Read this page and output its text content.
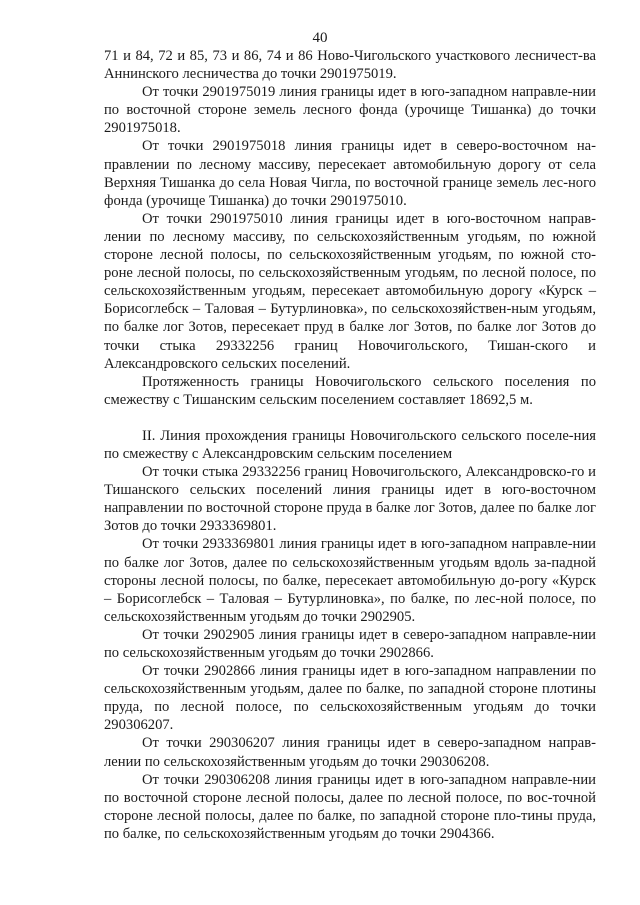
40

71 и 84, 72 и 85, 73 и 86, 74 и 86 Ново-Чигольского участкового лесничест-ва Аннинского лесничества до точки 2901975019.

От точки 2901975019 линия границы идет в юго-западном направле-нии по восточной стороне земель лесного фонда (урочище Тишанка) до точки 2901975018.

От точки 2901975018 линия границы идет в северо-восточном на-правлении по лесному массиву, пересекает автомобильную дорогу от села Верхняя Тишанка до села Новая Чигла, по восточной границе земель лес-ного фонда (урочище Тишанка) до точки 2901975010.

От точки 2901975010 линия границы идет в юго-восточном направ-лении по лесному массиву, по сельскохозяйственным угодьям, по южной стороне лесной полосы, по сельскохозяйственным угодьям, по южной сто-роне лесной полосы, по сельскохозяйственным угодьям, по лесной полосе, по сельскохозяйственным угодьям, пересекает автомобильную дорогу «Курск – Борисоглебск – Таловая – Бутурлиновка», по сельскохозяйствен-ным угодьям, по балке лог Зотов, пересекает пруд в балке лог Зотов, по балке лог Зотов до точки стыка 29332256 границ Новочигольского, Тишан-ского и Александровского сельских поселений.

Протяженность границы Новочигольского сельского поселения по смежеству с Тишанским сельским поселением составляет 18692,5 м.

II. Линия прохождения границы Новочигольского сельского поселе-ния по смежеству с Александровским сельским поселением

От точки стыка 29332256 границ Новочигольского, Александровско-го и Тишанского сельских поселений линия границы идет в юго-восточном направлении по восточной стороне пруда в балке лог Зотов, далее по балке лог Зотов до точки 2933369801.

От точки 2933369801 линия границы идет в юго-западном направле-нии по балке лог Зотов, далее по сельскохозяйственным угодьям вдоль за-падной стороны лесной полосы, по балке, пересекает автомобильную до-рогу «Курск – Борисоглебск – Таловая – Бутурлиновка», по балке, по лес-ной полосе, по сельскохозяйственным угодьям до точки 2902905.

От точки 2902905 линия границы идет в северо-западном направле-нии по сельскохозяйственным угодьям до точки 2902866.

От точки 2902866 линия границы идет в юго-западном направлении по сельскохозяйственным угодьям, далее по балке, по западной стороне плотины пруда, по лесной полосе, по сельскохозяйственным угодьям до точки 290306207.

От точки 290306207 линия границы идет в северо-западном направ-лении по сельскохозяйственным угодьям до точки 290306208.

От точки 290306208 линия границы идет в юго-западном направле-нии по восточной стороне лесной полосы, далее по лесной полосе, по вос-точной стороне лесной полосы, далее по балке, по западной стороне пло-тины пруда, по балке, по сельскохозяйственным угодьям до точки 2904366.
